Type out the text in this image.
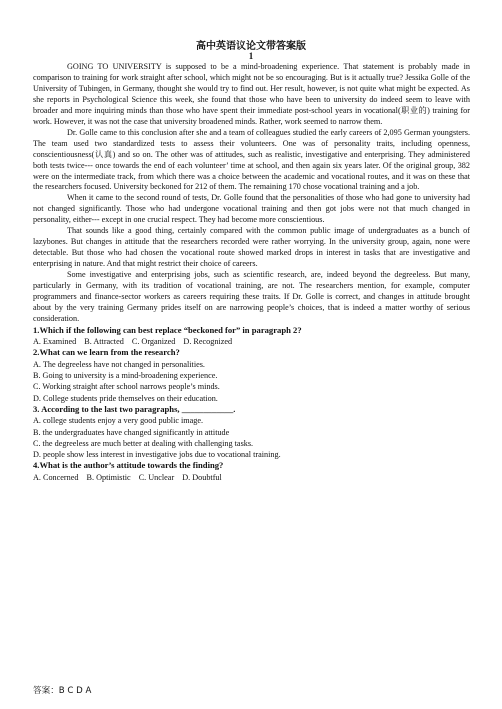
高中英语议论文带答案版
1

GOING TO UNIVERSITY is supposed to be a mind-broadening experience. That statement is probably made in comparison to training for work straight after school, which might not be so encouraging. But is it actually true? Jessika Golle of the University of Tubingen, in Germany, thought she would try to find out. Her result, however, is not quite what might be expected. As she reports in Psychological Science this week, she found that those who have been to university do indeed seem to leave with broader and more inquiring minds than those who have spent their immediate post-school years in vocational(职业的) training for work. However, it was not the case that university broadened minds. Rather, work seemed to narrow them.

Dr. Golle came to this conclusion after she and a team of colleagues studied the early careers of 2,095 German youngsters. The team used two standardized tests to assess their volunteers. One was of personality traits, including openness, conscientiousness(认真) and so on. The other was of attitudes, such as realistic, investigative and enterprising. They administered both tests twice--- once towards the end of each volunteer’ time at school, and then again six years later. Of the original group, 382 were on the intermediate track, from which there was a choice between the academic and vocational routes, and it was on these that the researchers focused. University beckoned for 212 of them. The remaining 170 chose vocational training and a job.

When it came to the second round of tests, Dr. Golle found that the personalities of those who had gone to university had not changed significantly. Those who had undergone vocational training and then got jobs were not that much changed in personality, either--- except in one crucial respect. They had become more conscientious.

That sounds like a good thing, certainly compared with the common public image of undergraduates as a bunch of lazybones. But changes in attitude that the researchers recorded were rather worrying. In the university group, again, none were detectable. But those who had chosen the vocational route showed marked drops in interest in tasks that are investigative and enterprising in nature. And that might restrict their choice of careers.

Some investigative and enterprising jobs, such as scientific research, are, indeed beyond the degreeless. But many, particularly in Germany, with its tradition of vocational training, are not. The researchers mention, for example, computer programmers and finance-sector workers as careers requiring these traits. If Dr. Golle is correct, and changes in attitude brought about by the very training Germany prides itself on are narrowing people’s choices, that is indeed a matter worthy of serious consideration.

1.Which if the following can best replace “beckoned for” in paragraph 2?

A. Examined B. Attracted C. Organized D. Recognized

2.What can we learn from the research?

A. The degreeless have not changed in personalities.

B. Going to university is a mind-broadening experience.

C. Working straight after school narrows people’s minds.

D. College students pride themselves on their education.

3. According to the last two paragraphs, ____________.

A. college students enjoy a very good public image.

B. the undergraduates have changed significantly in attitude

C. the degreeless are much better at dealing with challenging tasks.

D. people show less interest in investigative jobs due to vocational training.

4.What is the author’s attitude towards the finding?

A. Concerned B. Optimistic C. Unclear D. Doubtful

答案：B C D A
